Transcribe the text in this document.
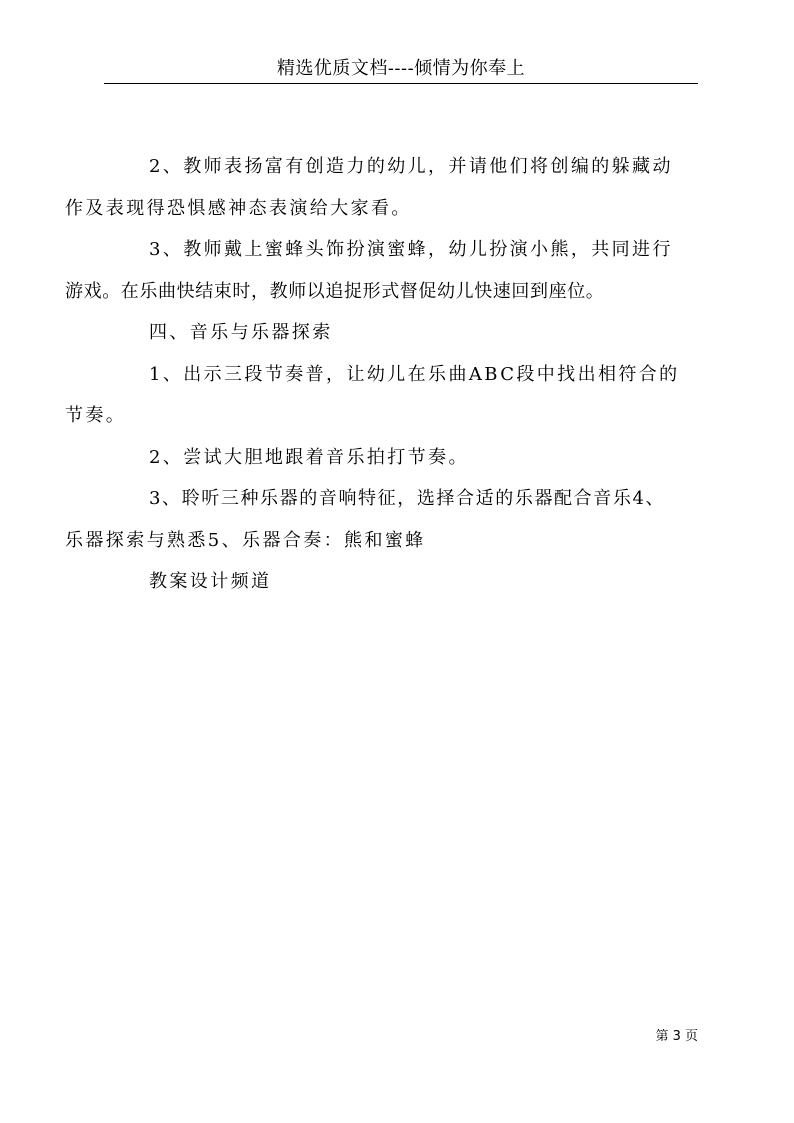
精选优质文档----倾情为你奉上

2、教师表扬富有创造力的幼儿，并请他们将创编的躲藏动
作及表现得恐惧感神态表演给大家看。

3、教师戴上蜜蜂头饰扮演蜜蜂，幼儿扮演小熊，共同进行
游戏。在乐曲快结束时，教师以追捉形式督促幼儿快速回到座位。

四、音乐与乐器探索

1、出示三段节奏普，让幼儿在乐曲ABC段中找出相符合的
节奏。

2、尝试大胆地跟着音乐拍打节奏。

3、聆听三种乐器的音响特征，选择合适的乐器配合音乐4、
乐器探索与熟悉5、乐器合奏：熊和蜜蜂

教案设计频道

第 3 页
